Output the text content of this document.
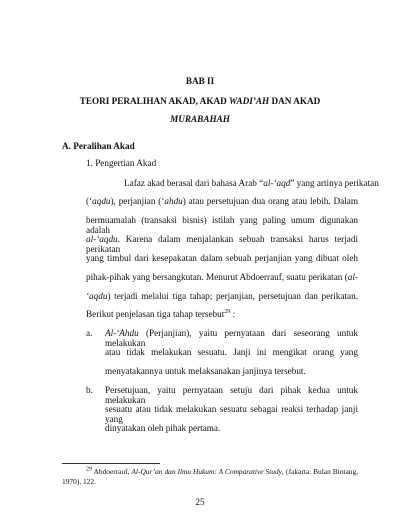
BAB II
TEORI PERALIHAN AKAD, AKAD WADI’AH DAN AKAD
MURABAHAH
A. Peralihan Akad
1. Pengertian Akad
Lafaz akad berasal dari bahasa Arab “al-‘aqd” yang artinya perikatan
(‘aqdu), perjanjian (‘ahdu) atau persetujuan dua orang atau lebih. Dalam
bermuamalah (transaksi bisnis) istilah yang paling umum digunakan adalah
al-‘aqdu. Karena dalam menjalankan sebuah transaksi harus terjadi perikatan
yang timbul dari kesepakatan dalam sebuah perjanjian yang dibuat oleh
pihak-pihak yang bersangkutan. Menurut Abdoerrauf, suatu perikatan (al-
‘aqdu) terjadi melalui tiga tahap; perjanjian, persetujuan dan perikatan.
Berikut penjelasan tiga tahap tersebut$^{29}$ :
a. Al-‘Ahdu (Perjanjian), yaitu pernyataan dari seseorang untuk melakukan
atau tidak melakukan sesuatu. Janji ini mengikat orang yang
menyatakannya untuk melaksanakan janjinya tersebut.
b. Persetujuan, yaitu pernyataan setuju dari pihak kedua untuk melakukan
sesuatu atau tidak melakukan sesuatu sebagai reaksi terhadap janji yang
dinyatakan oleh pihak pertama.
$^{29}$ Abdoerrauf, Al-Qur’an dan Ilmu Hukum: A Comparative Study, (Jakarta: Bulan Bintang,
1970), 122.
25
